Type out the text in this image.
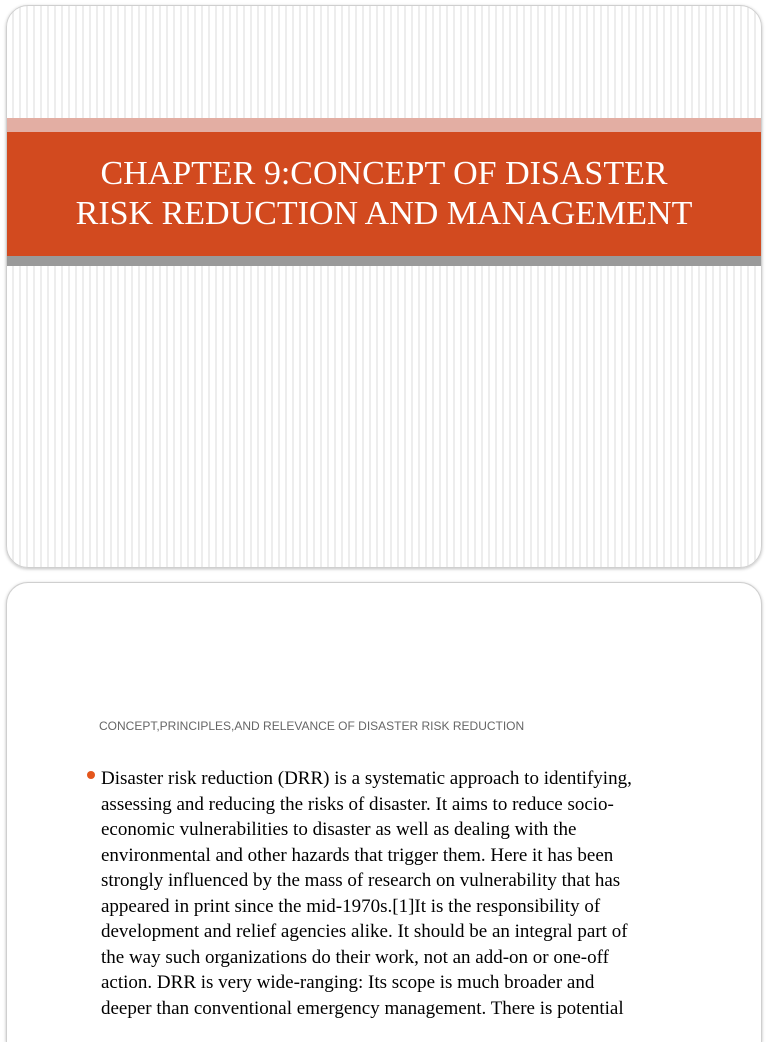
CHAPTER 9:CONCEPT OF DISASTER
RISK REDUCTION AND MANAGEMENT
CONCEPT,PRINCIPLES,AND RELEVANCE OF DISASTER RISK REDUCTION

Disaster risk reduction (DRR) is a systematic approach to identifying,
assessing and reducing the risks of disaster. It aims to reduce socio-
economic vulnerabilities to disaster as well as dealing with the
environmental and other hazards that trigger them. Here it has been
strongly influenced by the mass of research on vulnerability that has
appeared in print since the mid-1970s.[1]It is the responsibility of
development and relief agencies alike. It should be an integral part of
the way such organizations do their work, not an add-on or one-off
action. DRR is very wide-ranging: Its scope is much broader and
deeper than conventional emergency management. There is potential
